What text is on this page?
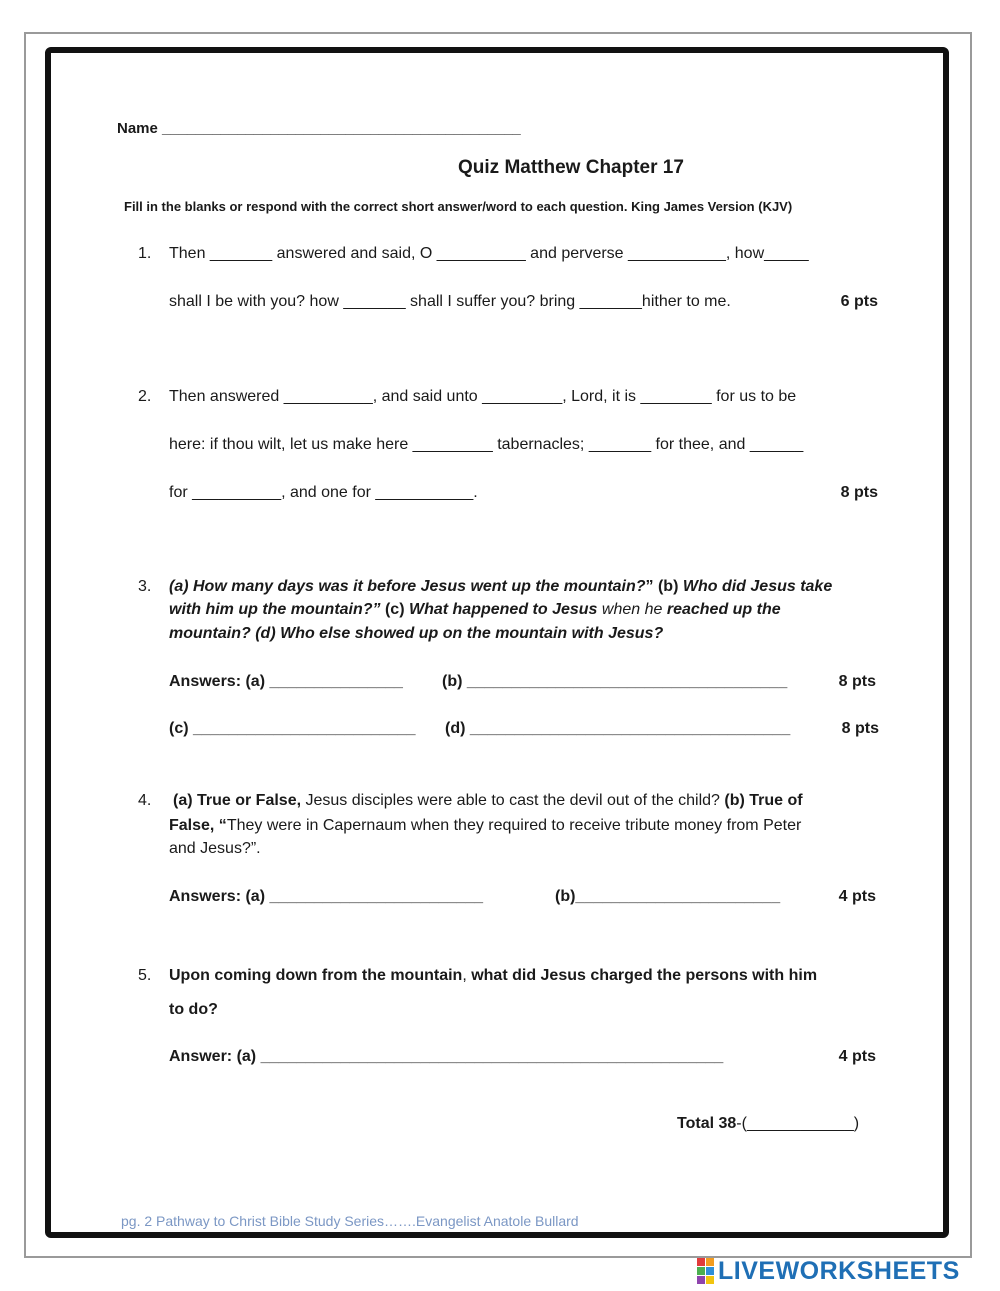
Name ___________________________________________
Quiz Matthew Chapter 17
Fill in the blanks or respond with the correct short answer/word to each question. King James Version (KJV)
1. Then _______ answered and said, O __________ and perverse ___________, how_____
shall I be with you? how _______ shall I suffer you? bring _______hither to me.	6 pts
2. Then answered __________, and said unto _________, Lord, it is ________ for us to be
here: if thou wilt, let us make here _________ tabernacles; _______ for thee, and ______
for __________, and one for ___________.	8 pts
3. (a) How many days was it before Jesus went up the mountain?” (b) Who did Jesus take
with him up the mountain?” (c) What happened to Jesus when he reached up the
mountain? (d) Who else showed up on the mountain with Jesus?
Answers: (a) _______________ (b) ____________________________________	8 pts
(c) _________________________ (d) ____________________________________	8 pts
4. (a) True or False, Jesus disciples were able to cast the devil out of the child? (b) True of
False, “They were in Capernaum when they required to receive tribute money from Peter
and Jesus?”.
Answers: (a) ________________________	(b)_______________________	4 pts
5. Upon coming down from the mountain, what did Jesus charged the persons with him
to do?
Answer: (a) ____________________________________________________	4 pts
Total 38-(____________)
pg. 2 Pathway to Christ Bible Study Series…….Evangelist Anatole Bullard
LIVEWORKSHEETS
